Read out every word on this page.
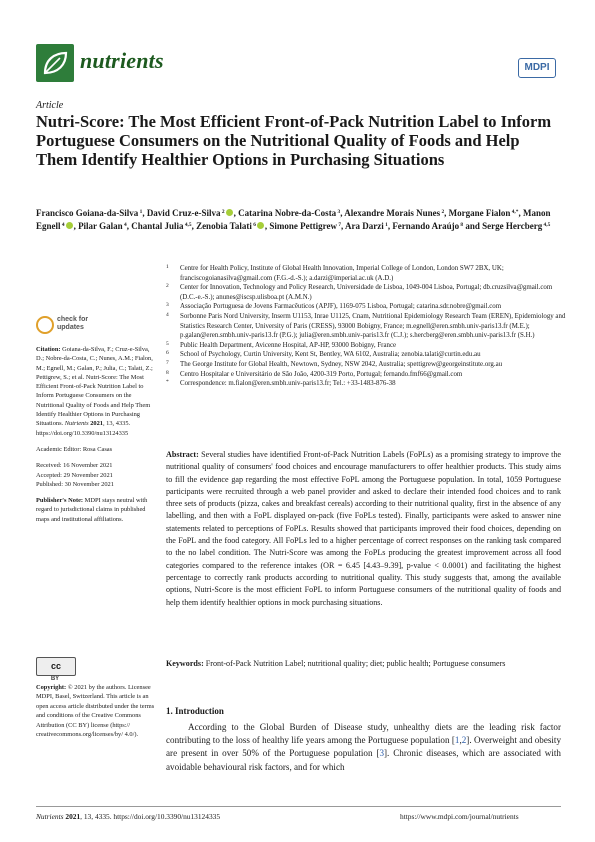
nutrients	MDPI
Article
Nutri-Score: The Most Efficient Front-of-Pack Nutrition Label to Inform Portuguese Consumers on the Nutritional Quality of Foods and Help Them Identify Healthier Options in Purchasing Situations

Francisco Goiana-da-Silva $^1$, David Cruz-e-Silva $^2$ , Catarina Nobre-da-Costa $^3$, Alexandre Morais Nunes $^2$, Morgane Fialon $^{4,*}$, Manon Egnell $^4$ , Pilar Galan $^4$, Chantal Julia $^{4,5}$, Zenobia Talati $^6$ , Simone Pettigrew $^7$, Ara Darzi $^1$, Fernando Araújo $^8$ and Serge Hercberg $^{4,5}$

1 Centre for Health Policy, Institute of Global Health Innovation, Imperial College of London, London SW7 2BX, UK; franciscogoianasilva@gmail.com (F.G.-d.-S.); a.darzi@imperial.ac.uk (A.D.)
2 Center for Innovation, Technology and Policy Research, Universidade de Lisboa, 1049-004 Lisboa, Portugal; db.cruzsilva@gmail.com (D.C.-e.-S.); anunes@iscsp.ulisboa.pt (A.M.N.)
3 Associação Portuguesa de Jovens Farmacêuticos (APJF), 1169-075 Lisboa, Portugal; catarina.sdr.nobre@gmail.com
4 Sorbonne Paris Nord University, Inserm U1153, Inrae U1125, Cnam, Nutritional Epidemiology Research Team (EREN), Epidemiology and Statistics Research Center, University of Paris (CRESS), 93000 Bobigny, France; m.egnell@eren.smbh.univ-paris13.fr (M.E.); p.galan@eren.smbh.univ-paris13.fr (P.G.); julia@eren.smbh.univ-paris13.fr (C.J.); s.hercberg@eren.smbh.univ-paris13.fr (S.H.)
5 Public Health Department, Avicenne Hospital, AP-HP, 93000 Bobigny, France
6 School of Psychology, Curtin University, Kent St, Bentley, WA 6102, Australia; zenobia.talati@curtin.edu.au
7 The George Institute for Global Health, Newtown, Sydney, NSW 2042, Australia; spettigrew@georgeinstitute.org.au
8 Centro Hospitalar e Universitário de São João, 4200-319 Porto, Portugal; fernando.fmf66@gmail.com
* Correspondence: m.fialon@eren.smbh.univ-paris13.fr; Tel.: +33-1483-876-38
check for
updates

Citation: Goiana-da-Silva, F.; Cruz-e-Silva, D.; Nobre-da-Costa, C.; Nunes, A.M.; Fialon, M.; Egnell, M.; Galan, P.; Julia, C.; Talati, Z.; Pettigrew, S.; et al. Nutri-Score: The Most Efficient Front-of-Pack Nutrition Label to Inform Portuguese Consumers on the Nutritional Quality of Foods and Help Them Identify Healthier Options in Purchasing Situations. Nutrients 2021, 13, 4335. https://doi.org/10.3390/nu13124335

Academic Editor: Rosa Casas

Received: 16 November 2021

Accepted: 29 November 2021

Published: 30 November 2021

Publisher's Note: MDPI stays neutral with regard to jurisdictional claims in published maps and institutional affiliations.

cc
BY

Copyright: © 2021 by the authors. Licensee MDPI, Basel, Switzerland. This article is an open access article distributed under the terms and conditions of the Creative Commons Attribution (CC BY) license (https:// creativecommons.org/licenses/by/ 4.0/).

Abstract: Several studies have identified Front-of-Pack Nutrition Labels (FoPLs) as a promising strategy to improve the nutritional quality of consumers' food choices and encourage manufacturers to offer healthier products. This study aims to fill the evidence gap regarding the most effective FoPL among the Portuguese population. In total, 1059 Portuguese participants were recruited through a web panel provider and asked to declare their intended food choices and to rank three sets of products (pizza, cakes and breakfast cereals) according to their nutritional quality, first in the absence of any labelling, and then with a FoPL displayed on-pack (five FoPLs tested). Finally, participants were asked to answer nine statements related to perceptions of FoPLs. Results showed that participants improved their food choices, depending on the FoPL and the food category. All FoPLs led to a higher percentage of correct responses on the ranking task compared to the no label condition. The Nutri-Score was among the FoPLs producing the greatest improvement across all food categories compared to the reference intakes (OR = 6.45 [4.43–9.39], p-value < 0.0001) and facilitating the highest percentage to correctly rank products according to nutritional quality. This study suggests that, among the available options, Nutri-Score is the most efficient FoPL to inform Portuguese consumers of the nutritional quality of foods and help them identify healthier options in mock purchasing situations.

Keywords: Front-of-Pack Nutrition Label; nutritional quality; diet; public health; Portuguese consumers

1. Introduction

According to the Global Burden of Disease study, unhealthy diets are the leading risk factor contributing to the loss of healthy life years among the Portuguese population [1,2]. Overweight and obesity are present in over 50% of the Portuguese population [3]. Chronic diseases, which are associated with avoidable behavioural risk factors, and for which

Nutrients 2021, 13, 4335. https://doi.org/10.3390/nu13124335	https://www.mdpi.com/journal/nutrients
